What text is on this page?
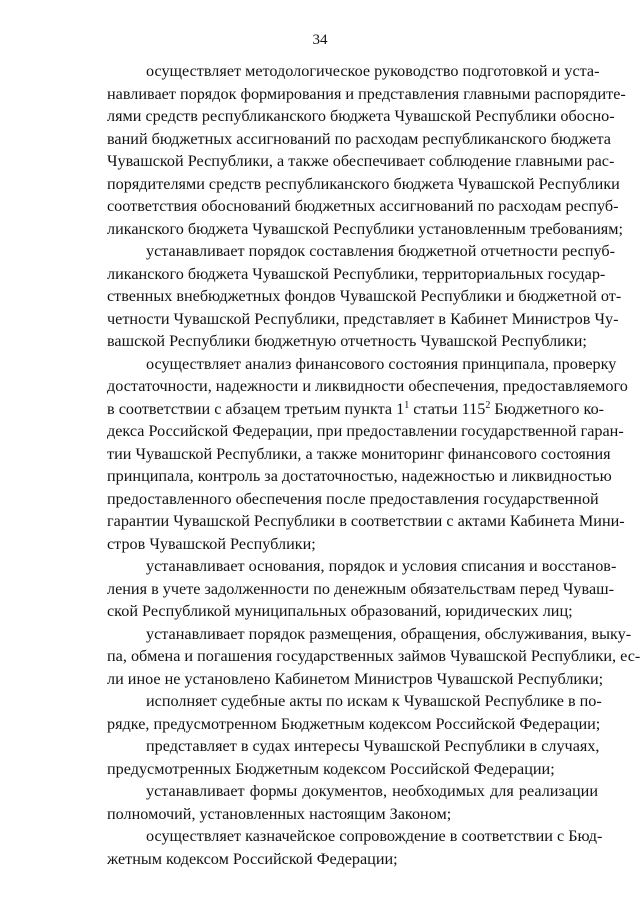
34
осуществляет методологическое руководство подготовкой и уста-
навливает порядок формирования и представления главными распорядите-
лями средств республиканского бюджета Чувашской Республики обосно-
ваний бюджетных ассигнований по расходам республиканского бюджета
Чувашской Республики, а также обеспечивает соблюдение главными рас-
порядителями средств республиканского бюджета Чувашской Республики
соответствия обоснований бюджетных ассигнований по расходам респуб-
ликанского бюджета Чувашской Республики установленным требованиям;
устанавливает порядок составления бюджетной отчетности респуб-
ликанского бюджета Чувашской Республики, территориальных государ-
ственных внебюджетных фондов Чувашской Республики и бюджетной от-
четности Чувашской Республики, представляет в Кабинет Министров Чу-
вашской Республики бюджетную отчетность Чувашской Республики;
осуществляет анализ финансового состояния принципала, проверку
достаточности, надежности и ликвидности обеспечения, предоставляемого
в соответствии с абзацем третьим пункта $1^1$ статьи $115^2$ Бюджетного ко-
декса Российской Федерации, при предоставлении государственной гаран-
тии Чувашской Республики, а также мониторинг финансового состояния
принципала, контроль за достаточностью, надежностью и ликвидностью
предоставленного обеспечения после предоставления государственной
гарантии Чувашской Республики в соответствии с актами Кабинета Мини-
стров Чувашской Республики;
устанавливает основания, порядок и условия списания и восстанов-
ления в учете задолженности по денежным обязательствам перед Чуваш-
ской Республикой муниципальных образований, юридических лиц;
устанавливает порядок размещения, обращения, обслуживания, выку-
па, обмена и погашения государственных займов Чувашской Республики, ес-
ли иное не установлено Кабинетом Министров Чувашской Республики;
исполняет судебные акты по искам к Чувашской Республике в по-
рядке, предусмотренном Бюджетным кодексом Российской Федерации;
представляет в судах интересы Чувашской Республики в случаях,
предусмотренных Бюджетным кодексом Российской Федерации;
устанавливает формы документов, необходимых для реализации
полномочий, установленных настоящим Законом;
осуществляет казначейское сопровождение в соответствии с Бюд-
жетным кодексом Российской Федерации;
